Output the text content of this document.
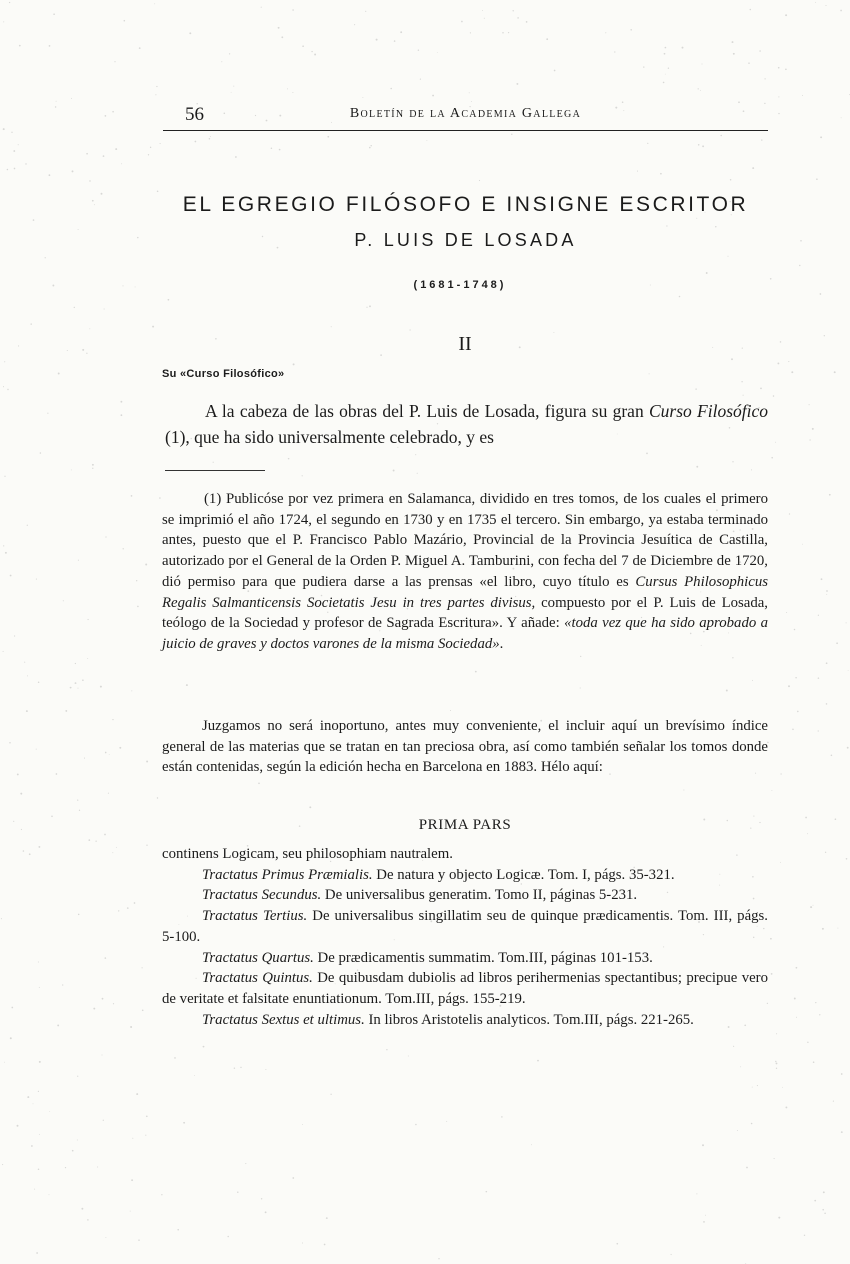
56	Boletín de la Academia Gallega
EL EGREGIO FILÓSOFO E INSIGNE ESCRITOR
P. LUIS DE LOSADA
(1681-1748)
II
Su «Curso Filosófico»

A la cabeza de las obras del P. Luis de Losada, figura su gran Curso Filosófico (1), que ha sido universalmente celebrado, y es

(1) Publicóse por vez primera en Salamanca, dividido en tres tomos, de los cuales el primero se imprimió el año 1724, el segundo en 1730 y en 1735 el tercero. Sin embargo, ya estaba terminado antes, puesto que el P. Francisco Pablo Mazário, Provincial de la Provincia Jesuítica de Castilla, autorizado por el General de la Orden P. Miguel A. Tamburini, con fecha del 7 de Diciembre de 1720, dió permiso para que pudiera darse a las prensas «el libro, cuyo título es Cursus Philosophicus Regalis Salmanticensis Societatis Jesu in tres partes divisus, compuesto por el P. Luis de Losada, teólogo de la Sociedad y profesor de Sagrada Escritura». Y añade: «toda vez que ha sido aprobado a juicio de graves y doctos varones de la misma Sociedad».

Juzgamos no será inoportuno, antes muy conveniente, el incluir aquí un brevísimo índice general de las materias que se tratan en tan preciosa obra, así como también señalar los tomos donde están contenidas, según la edición hecha en Barcelona en 1883. Hélo aquí:

PRIMA PARS

continens Logicam, seu philosophiam nautralem.

Tractatus Primus Præmialis. De natura y objecto Logicæ. Tom. I, págs. 35-321.

Tractatus Secundus. De universalibus generatim. Tomo II, páginas 5-231.

Tractatus Tertius. De universalibus singillatim seu de quinque prædicamentis. Tom. III, págs. 5-100.

Tractatus Quartus. De prædicamentis summatim. Tom.III, páginas 101-153.

Tractatus Quintus. De quibusdam dubiolis ad libros perihermenias spectantibus; precipue vero de veritate et falsitate enuntiationum. Tom.III, págs. 155-219.

Tractatus Sextus et ultimus. In libros Aristotelis analyticos. Tom.III, págs. 221-265.
